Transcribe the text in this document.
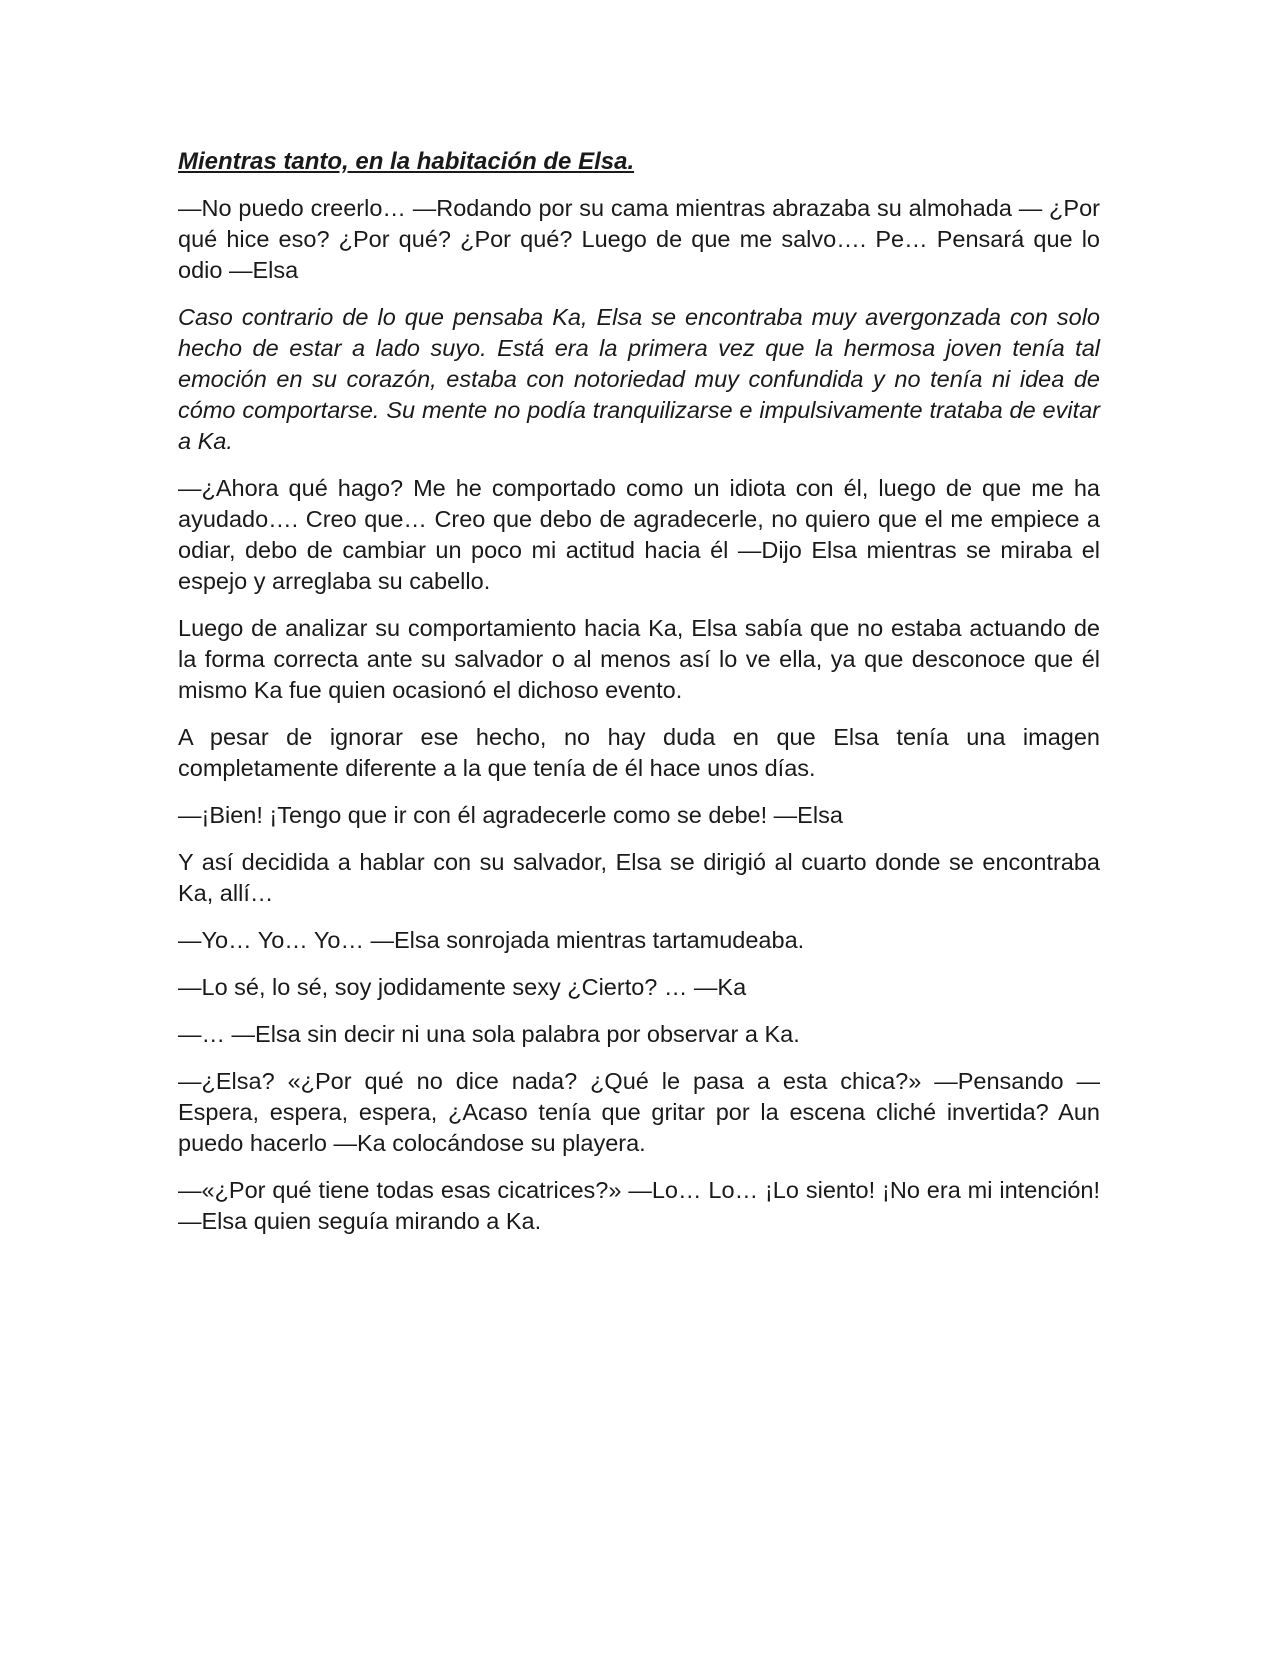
Mientras tanto, en la habitación de Elsa.

—No puedo creerlo… —Rodando por su cama mientras abrazaba su almohada — ¿Por qué hice eso? ¿Por qué? ¿Por qué? Luego de que me salvo…. Pe… Pensará que lo odio —Elsa

Caso contrario de lo que pensaba Ka, Elsa se encontraba muy avergonzada con solo hecho de estar a lado suyo. Está era la primera vez que la hermosa joven tenía tal emoción en su corazón, estaba con notoriedad muy confundida y no tenía ni idea de cómo comportarse. Su mente no podía tranquilizarse e impulsivamente trataba de evitar a Ka.

—¿Ahora qué hago? Me he comportado como un idiota con él, luego de que me ha ayudado…. Creo que… Creo que debo de agradecerle, no quiero que el me empiece a odiar, debo de cambiar un poco mi actitud hacia él —Dijo Elsa mientras se miraba el espejo y arreglaba su cabello.

Luego de analizar su comportamiento hacia Ka, Elsa sabía que no estaba actuando de la forma correcta ante su salvador o al menos así lo ve ella, ya que desconoce que él mismo Ka fue quien ocasionó el dichoso evento.

A pesar de ignorar ese hecho, no hay duda en que Elsa tenía una imagen completamente diferente a la que tenía de él hace unos días.

—¡Bien! ¡Tengo que ir con él agradecerle como se debe! —Elsa

Y así decidida a hablar con su salvador, Elsa se dirigió al cuarto donde se encontraba Ka, allí…

—Yo… Yo… Yo… —Elsa sonrojada mientras tartamudeaba.

—Lo sé, lo sé, soy jodidamente sexy ¿Cierto? … —Ka

—… —Elsa sin decir ni una sola palabra por observar a Ka.

—¿Elsa? «¿Por qué no dice nada? ¿Qué le pasa a esta chica?» —Pensando — Espera, espera, espera, ¿Acaso tenía que gritar por la escena cliché invertida? Aun puedo hacerlo —Ka colocándose su playera.

—«¿Por qué tiene todas esas cicatrices?» —Lo… Lo… ¡Lo siento! ¡No era mi intención! —Elsa quien seguía mirando a Ka.
